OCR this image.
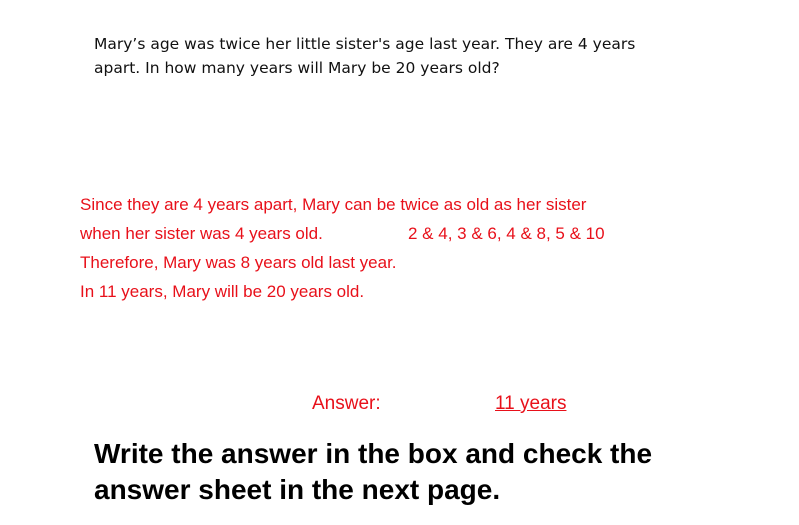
Mary’s age was twice her little sister's age last year. They are 4 years apart. In how many years will Mary be 20 years old?
Since they are 4 years apart, Mary can be twice as old as her sister
when her sister was 4 years old.	2 & 4, 3 & 6, 4 & 8, 5 & 10
Therefore, Mary was 8 years old last year.
In 11 years, Mary will be 20 years old.
Answer:	11 years
Write the answer in the box and check the answer sheet in the next page.
